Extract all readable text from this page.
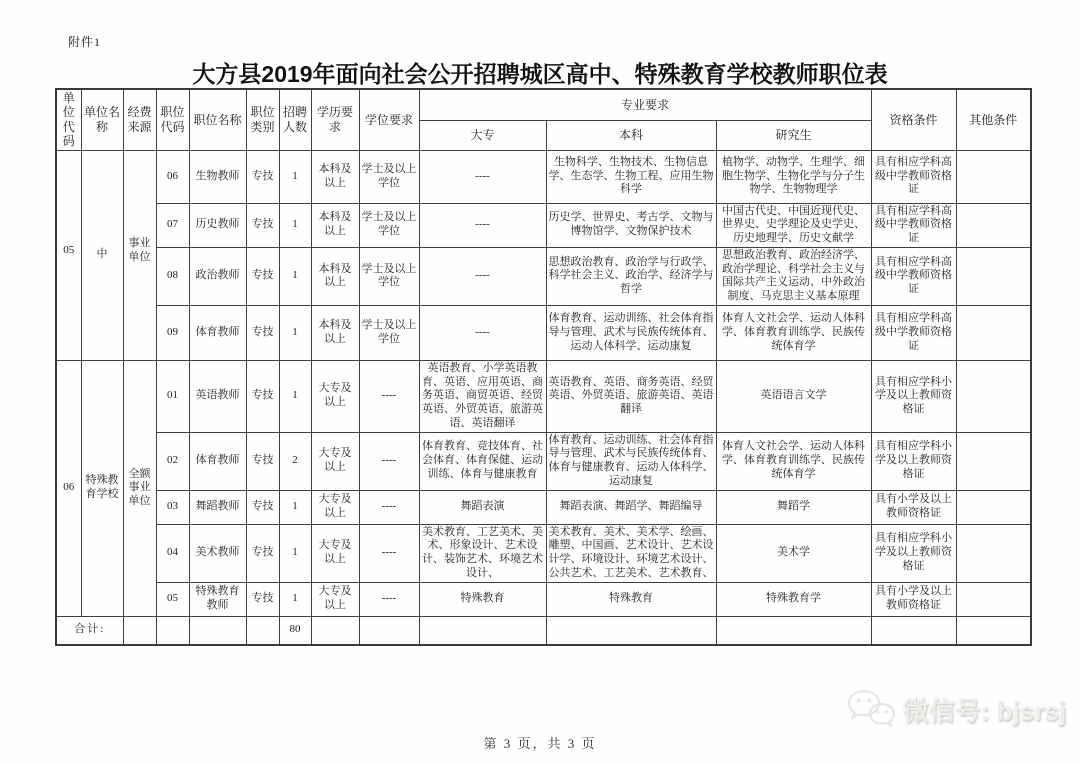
附件1
大方县2019年面向社会公开招聘城区高中、特殊教育学校教师职位表
单位代码	单位名称	经费来源	职位代码	职位名称	职位类别	招聘人数	学历要求	学位要求	专业要求			资格条件	其他条件
									大专	本科	研究生		

05	中	事业单位	06	生物教师	专技	1	本科及以上	学士及以上学位	----	生物科学、生物技术、生物信息学、生态学、生物工程、应用生物科学	植物学、动物学、生理学、细胞生物学、生物化学与分子生物学、生物物理学	具有相应学科高级中学教师资格证	
			07	历史教师	专技	1	本科及以上	学士及以上学位	----	历史学、世界史、考古学、文物与博物馆学、文物保护技术	中国古代史、中国近现代史、世界史、史学理论及史学史、历史地理学、历史文献学	具有相应学科高级中学教师资格证	
			08	政治教师	专技	1	本科及以上	学士及以上学位	----	思想政治教育、政治学与行政学、科学社会主义、政治学、经济学与哲学	思想政治教育、政治经济学、政治学理论、科学社会主义与国际共产主义运动、中外政治制度、马克思主义基本原理	具有相应学科高级中学教师资格证	
			09	体育教师	专技	1	本科及以上	学士及以上学位	----	体育教育、运动训练、社会体育指导与管理、武术与民族传统体育、运动人体科学、运动康复	体育人文社会学、运动人体科学、体育教育训练学、民族传统体育学	具有相应学科高级中学教师资格证	
06	特殊教育学校	全额事业单位	01	英语教师	专技	1	大专及以上	----	英语教育、小学英语教育、英语、应用英语、商务英语、商贸英语、经贸英语、外贸英语、旅游英语、英语翻译	英语教育、英语、商务英语、经贸英语、外贸英语、旅游英语、英语翻译	英语语言文学	具有相应学科小学及以上教师资格证	
			02	体育教师	专技	2	大专及以上	----	体育教育、竞技体育、社会体育、体育保健、运动训练、体育与健康教育	体育教育、运动训练、社会体育指导与管理、武术与民族传统体育、体育与健康教育、运动人体科学、运动康复	体育人文社会学、运动人体科学、体育教育训练学、民族传统体育学	具有相应学科小学及以上教师资格证	
			03	舞蹈教师	专技	1	大专及以上	----	舞蹈表演	舞蹈表演、舞蹈学、舞蹈编导	舞蹈学	具有小学及以上教师资格证	
			04	美术教师	专技	1	大专及以上	----	美术教育、工艺美术、美术、形象设计、艺术设计、装饰艺术、环境艺术设计、	美术教育、美术、美术学、绘画、雕塑、中国画、艺术设计、艺术设计学、环境设计、环境艺术设计、公共艺术、工艺美术、艺术教育、	美术学	具有相应学科小学及以上教师资格证	
			05	特殊教育教师	专技	1	大专及以上	----	特殊教育	特殊教育	特殊教育学	具有小学及以上教师资格证	
合计:						80							
第 3 页，共 3 页
微信号: bjsrsj
